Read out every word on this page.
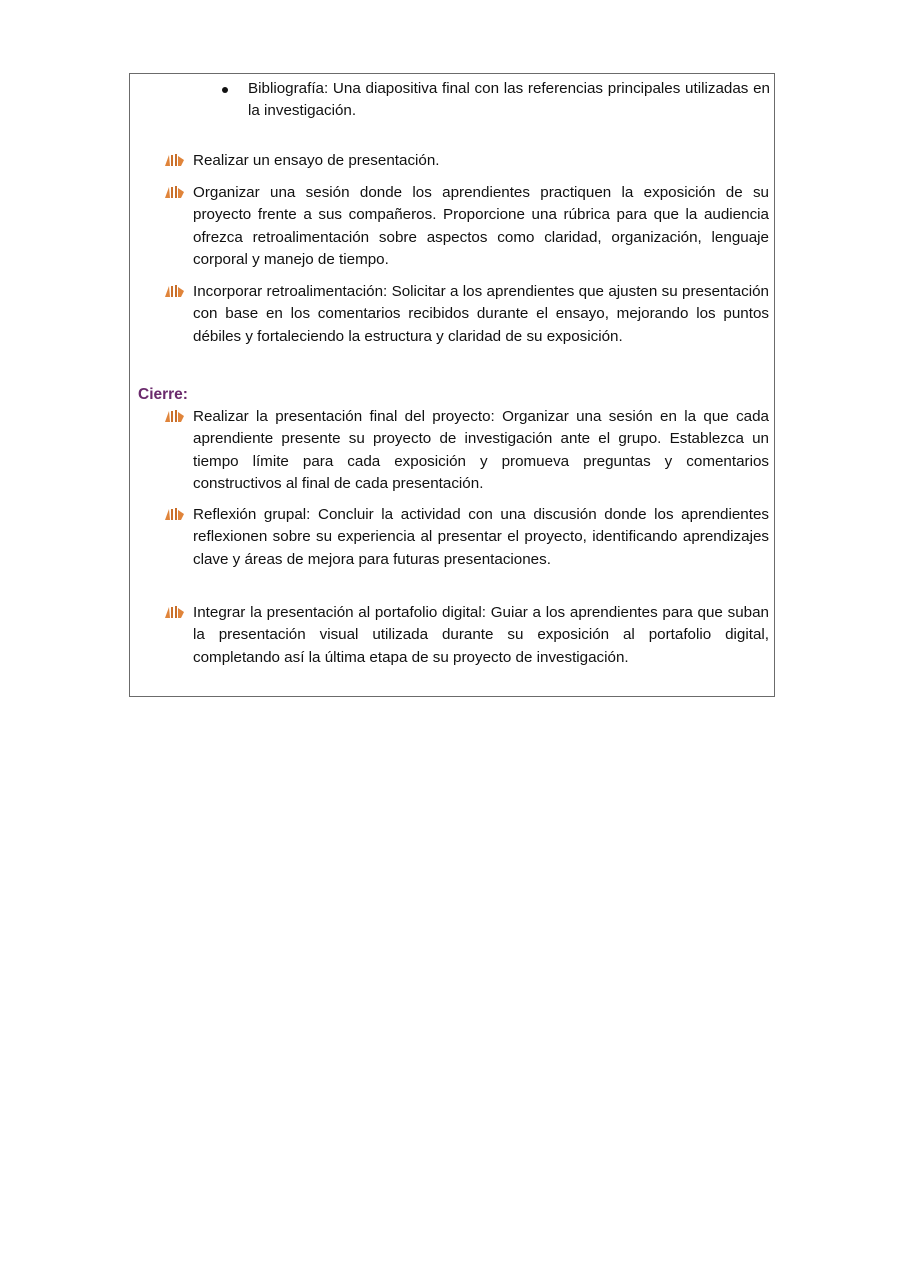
Bibliografía: Una diapositiva final con las referencias principales utilizadas en la investigación.
Realizar un ensayo de presentación.
Organizar una sesión donde los aprendientes practiquen la exposición de su proyecto frente a sus compañeros. Proporcione una rúbrica para que la audiencia ofrezca retroalimentación sobre aspectos como claridad, organización, lenguaje corporal y manejo de tiempo.
Incorporar retroalimentación: Solicitar a los aprendientes que ajusten su presentación con base en los comentarios recibidos durante el ensayo, mejorando los puntos débiles y fortaleciendo la estructura y claridad de su exposición.
Cierre:
Realizar la presentación final del proyecto: Organizar una sesión en la que cada aprendiente presente su proyecto de investigación ante el grupo. Establezca un tiempo límite para cada exposición y promueva preguntas y comentarios constructivos al final de cada presentación.
Reflexión grupal: Concluir la actividad con una discusión donde los aprendientes reflexionen sobre su experiencia al presentar el proyecto, identificando aprendizajes clave y áreas de mejora para futuras presentaciones.
Integrar la presentación al portafolio digital: Guiar a los aprendientes para que suban la presentación visual utilizada durante su exposición al portafolio digital, completando así la última etapa de su proyecto de investigación.
